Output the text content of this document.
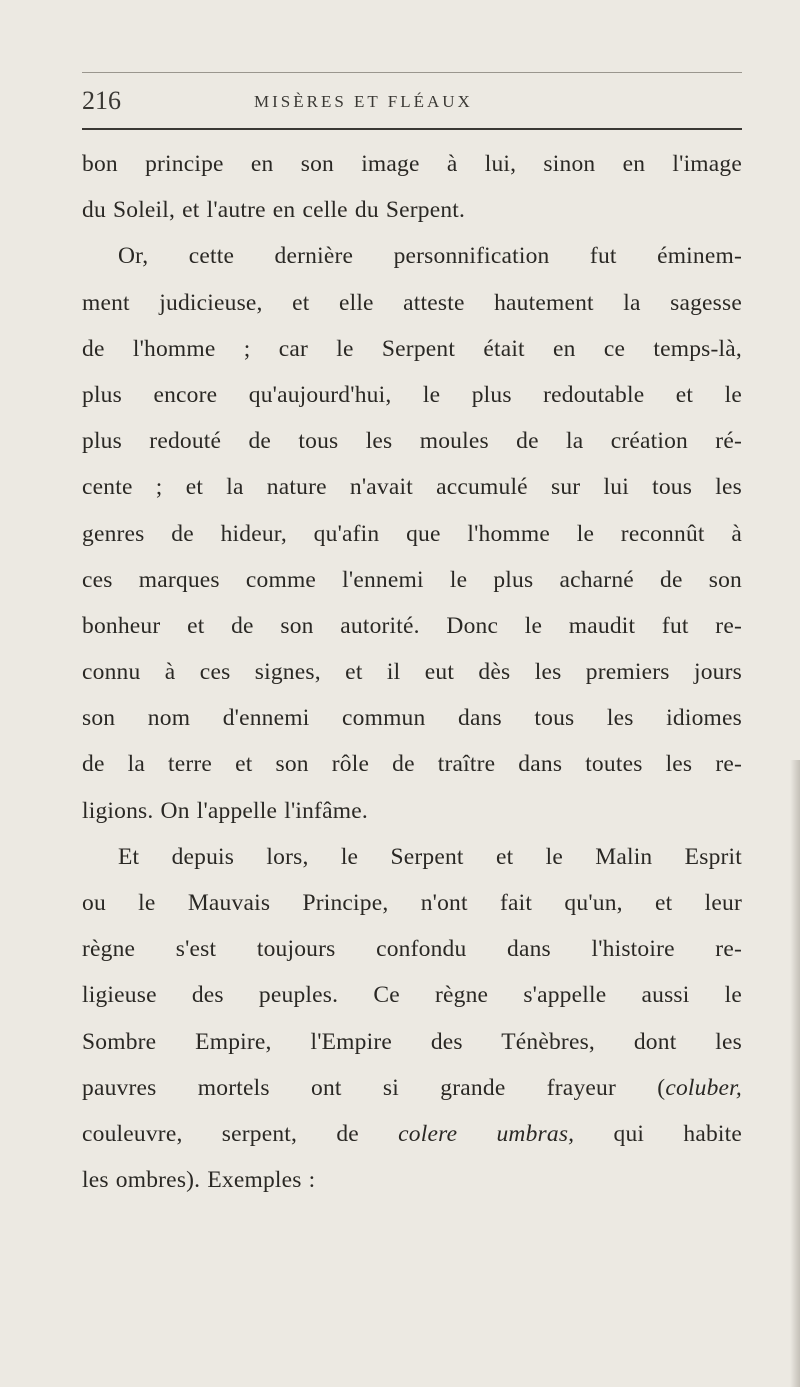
216	MISÈRES ET FLÉAUX
bon principe en son image à lui, sinon en l'image
du Soleil, et l'autre en celle du Serpent.
Or, cette dernière personnification fut éminem-
ment judicieuse, et elle atteste hautement la sagesse
de l'homme ; car le Serpent était en ce temps-là,
plus encore qu'aujourd'hui, le plus redoutable et le
plus redouté de tous les moules de la création ré-
cente ; et la nature n'avait accumulé sur lui tous les
genres de hideur, qu'afin que l'homme le reconnût à
ces marques comme l'ennemi le plus acharné de son
bonheur et de son autorité. Donc le maudit fut re-
connu à ces signes, et il eut dès les premiers jours
son nom d'ennemi commun dans tous les idiomes
de la terre et son rôle de traître dans toutes les re-
ligions. On l'appelle l'infâme.
Et depuis lors, le Serpent et le Malin Esprit
ou le Mauvais Principe, n'ont fait qu'un, et leur
règne s'est toujours confondu dans l'histoire re-
ligieuse des peuples. Ce règne s'appelle aussi le
Sombre Empire, l'Empire des Ténèbres, dont les
pauvres mortels ont si grande frayeur (coluber,
couleuvre, serpent, de colere umbras, qui habite
les ombres). Exemples :
